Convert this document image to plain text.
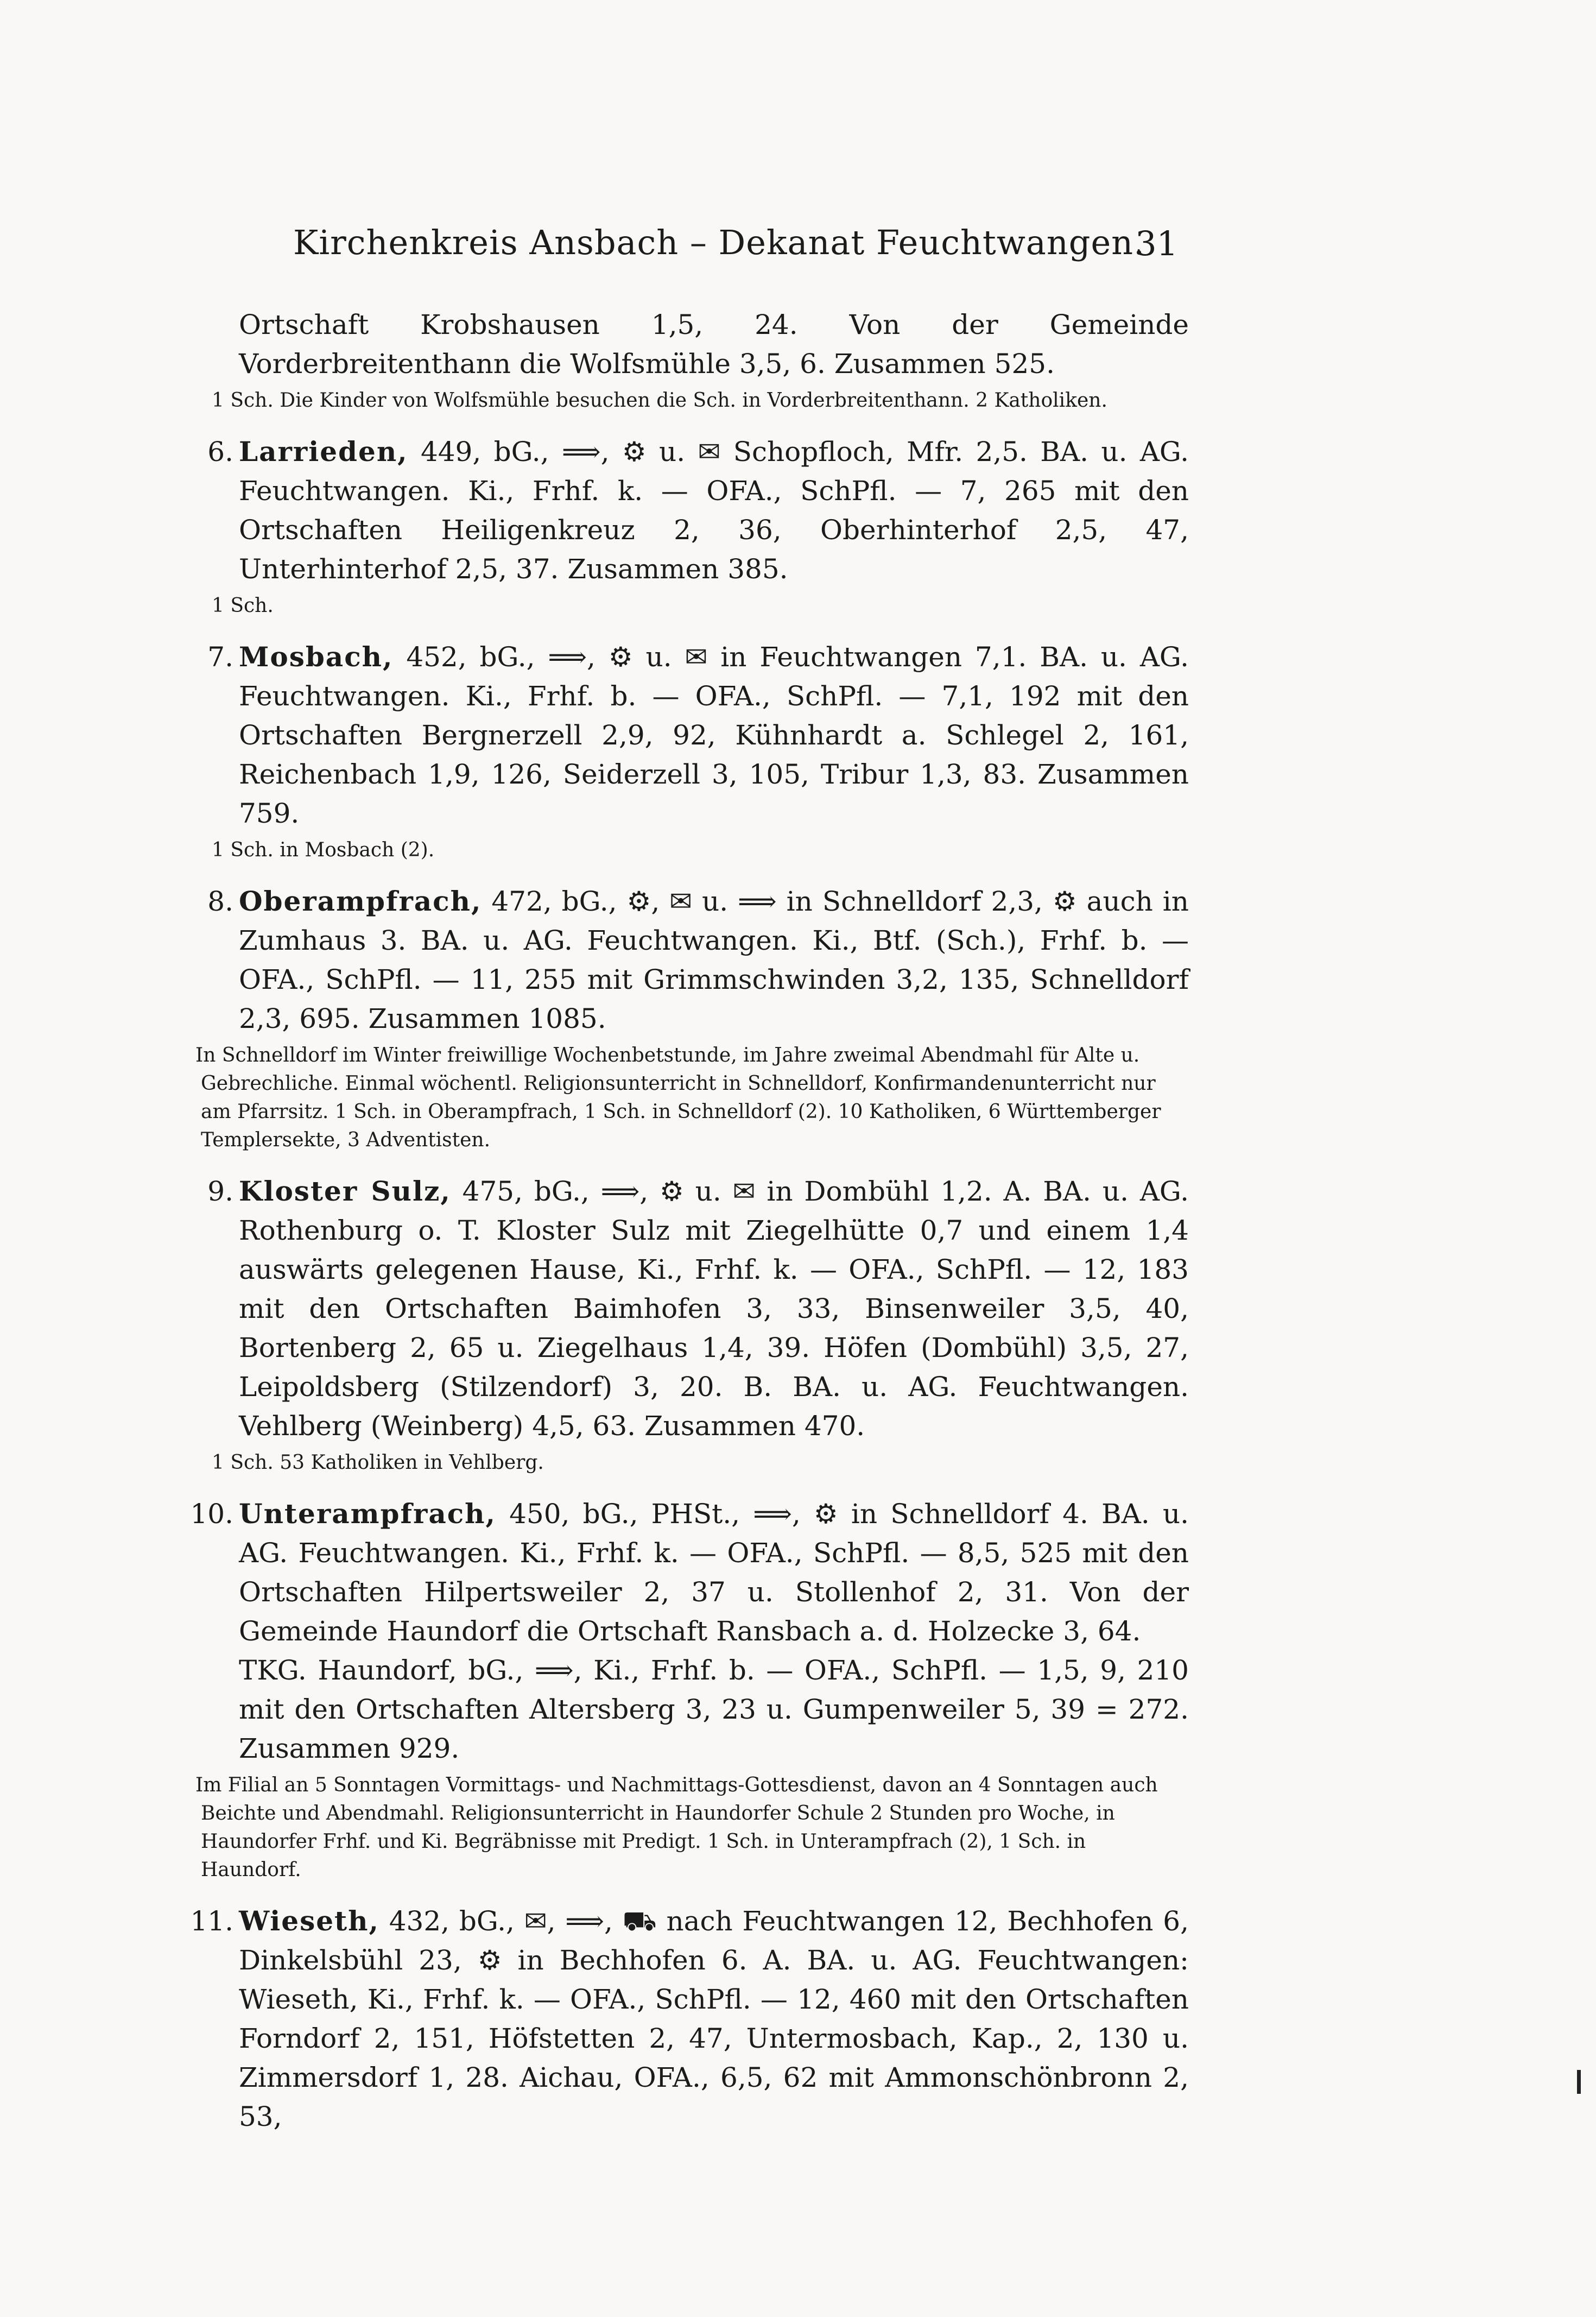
Kirchenkreis Ansbach – Dekanat Feuchtwangen.
31

Ortschaft Krobshausen 1,5, 24. Von der Gemeinde Vorderbreitenthann die Wolfsmühle 3,5, 6. Zusammen 525.

1 Sch. Die Kinder von Wolfsmühle besuchen die Sch. in Vorderbreitenthann. 2 Katholiken.

6. Larrieden, 449, bG., ⟹, ⚙ u. ✉ Schopfloch, Mfr. 2,5. BA. u. AG. Feuchtwangen. Ki., Frhf. k. — OFA., SchPfl. — 7, 265 mit den Ortschaften Heiligenkreuz 2, 36, Oberhinterhof 2,5, 47, Unterhinterhof 2,5, 37. Zusammen 385.

1 Sch.

7. Mosbach, 452, bG., ⟹, ⚙ u. ✉ in Feuchtwangen 7,1. BA. u. AG. Feuchtwangen. Ki., Frhf. b. — OFA., SchPfl. — 7,1, 192 mit den Ortschaften Bergnerzell 2,9, 92, Kühnhardt a. Schlegel 2, 161, Reichenbach 1,9, 126, Seiderzell 3, 105, Tribur 1,3, 83. Zusammen 759.

1 Sch. in Mosbach (2).

8. Oberampfrach, 472, bG., ⚙, ✉ u. ⟹ in Schnelldorf 2,3, ⚙ auch in Zumhaus 3. BA. u. AG. Feuchtwangen. Ki., Btf. (Sch.), Frhf. b. — OFA., SchPfl. — 11, 255 mit Grimmschwinden 3,2, 135, Schnelldorf 2,3, 695. Zusammen 1085.

In Schnelldorf im Winter freiwillige Wochenbetstunde, im Jahre zweimal Abendmahl für Alte u. Gebrechliche. Einmal wöchentl. Religionsunterricht in Schnelldorf, Konfirmandenunterricht nur am Pfarrsitz. 1 Sch. in Oberampfrach, 1 Sch. in Schnelldorf (2). 10 Katholiken, 6 Württemberger Templersekte, 3 Adventisten.

9. Kloster Sulz, 475, bG., ⟹, ⚙ u. ✉ in Dombühl 1,2. A. BA. u. AG. Rothenburg o. T. Kloster Sulz mit Ziegelhütte 0,7 und einem 1,4 auswärts gelegenen Hause, Ki., Frhf. k. — OFA., SchPfl. — 12, 183 mit den Ortschaften Baimhofen 3, 33, Binsenweiler 3,5, 40, Bortenberg 2, 65 u. Ziegelhaus 1,4, 39. Höfen (Dombühl) 3,5, 27, Leipoldsberg (Stilzendorf) 3, 20. B. BA. u. AG. Feuchtwangen. Vehlberg (Weinberg) 4,5, 63. Zusammen 470.

1 Sch. 53 Katholiken in Vehlberg.

10. Unterampfrach, 450, bG., PHSt., ⟹, ⚙ in Schnelldorf 4. BA. u. AG. Feuchtwangen. Ki., Frhf. k. — OFA., SchPfl. — 8,5, 525 mit den Ortschaften Hilpertsweiler 2, 37 u. Stollenhof 2, 31. Von der Gemeinde Haundorf die Ortschaft Ransbach a. d. Holzecke 3, 64.

TKG. Haundorf, bG., ⟹, Ki., Frhf. b. — OFA., SchPfl. — 1,5, 9, 210 mit den Ortschaften Altersberg 3, 23 u. Gumpenweiler 5, 39 = 272. Zusammen 929.

Im Filial an 5 Sonntagen Vormittags- und Nachmittags-Gottesdienst, davon an 4 Sonntagen auch Beichte und Abendmahl. Religionsunterricht in Haundorfer Schule 2 Stunden pro Woche, in Haundorfer Frhf. und Ki. Begräbnisse mit Predigt. 1 Sch. in Unterampfrach (2), 1 Sch. in Haundorf.

11. Wieseth, 432, bG., ✉, ⟹, ⛟ nach Feuchtwangen 12, Bechhofen 6, Dinkelsbühl 23, ⚙ in Bechhofen 6. A. BA. u. AG. Feuchtwangen: Wieseth, Ki., Frhf. k. — OFA., SchPfl. — 12, 460 mit den Ortschaften Forndorf 2, 151, Höfstetten 2, 47, Untermosbach, Kap., 2, 130 u. Zimmersdorf 1, 28. Aichau, OFA., 6,5, 62 mit Ammonschönbronn 2, 53,
